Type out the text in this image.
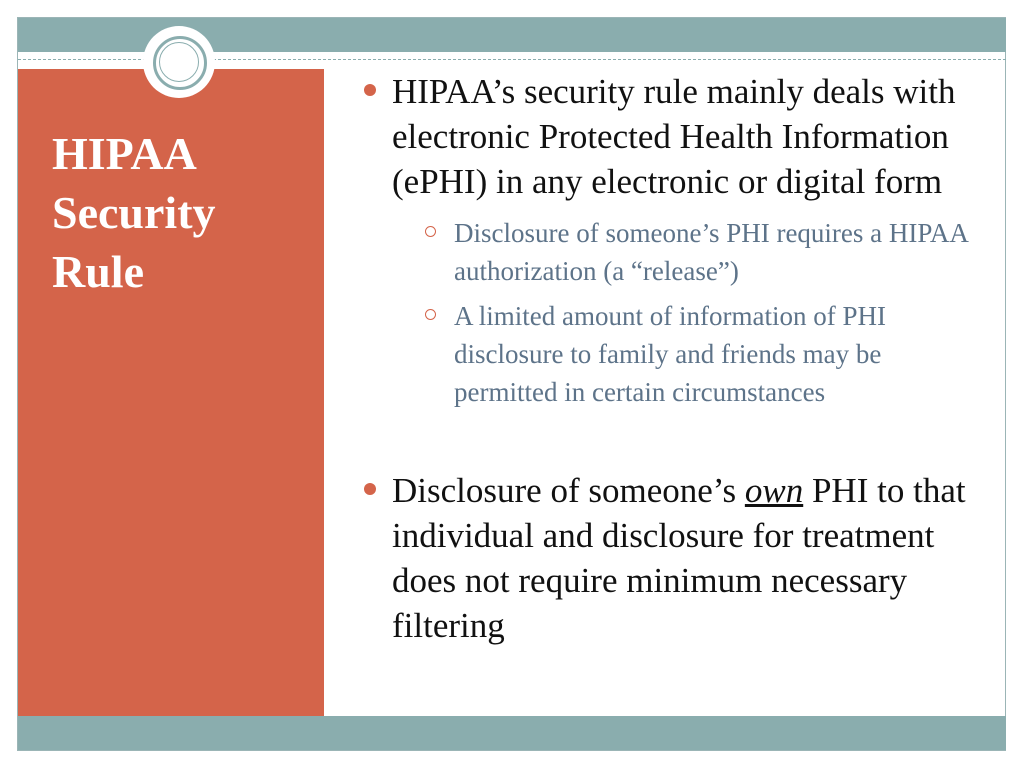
HIPAA
Security
Rule
HIPAA’s security rule mainly deals with electronic Protected Health Information (ePHI) in any electronic or digital form
Disclosure of someone’s PHI requires a HIPAA authorization (a “release”)
A limited amount of information of PHI disclosure to family and friends may be permitted in certain circumstances
Disclosure of someone’s own PHI to that individual and disclosure for treatment does not require minimum necessary filtering
